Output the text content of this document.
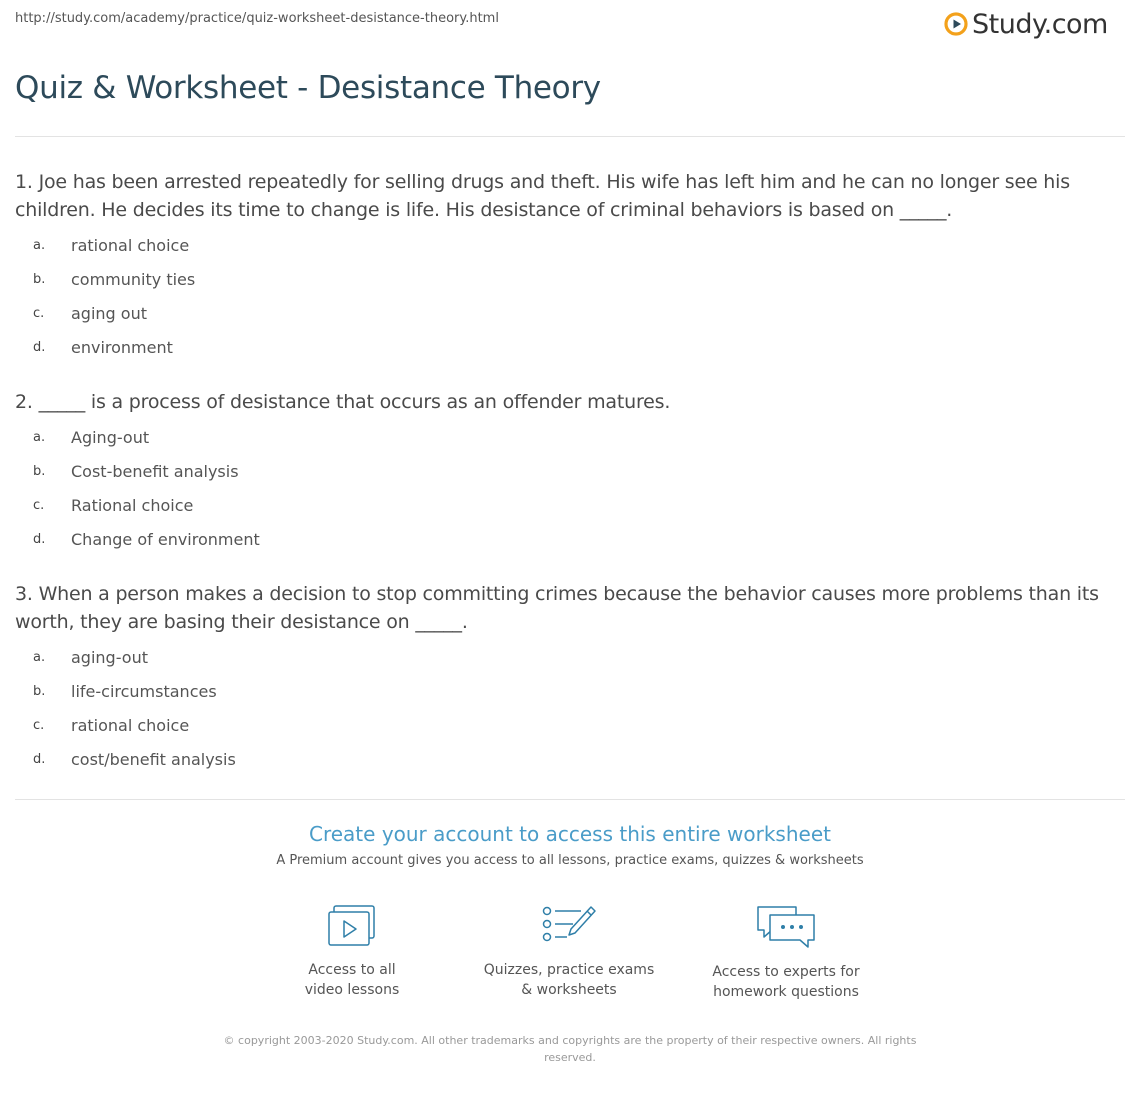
http://study.com/academy/practice/quiz-worksheet-desistance-theory.html	Study.com
Quiz & Worksheet - Desistance Theory

1. Joe has been arrested repeatedly for selling drugs and theft. His wife has left him and he can no longer see his children. He decides its time to change is life. His desistance of criminal behaviors is based on _____.

a.	rational choice
b.	community ties
c.	aging out
d.	environment

2. _____ is a process of desistance that occurs as an offender matures.

a.	Aging-out
b.	Cost-benefit analysis
c.	Rational choice
d.	Change of environment

3. When a person makes a decision to stop committing crimes because the behavior causes more problems than its worth, they are basing their desistance on _____.

a.	aging-out
b.	life-circumstances
c.	rational choice
d.	cost/benefit analysis
Create your account to access this entire worksheet

A Premium account gives you access to all lessons, practice exams, quizzes & worksheets

Access to all
video lessons
Quizzes, practice exams
& worksheets
Access to experts for
homework questions
© copyright 2003-2020 Study.com. All other trademarks and copyrights are the property of their respective owners. All rights reserved.
